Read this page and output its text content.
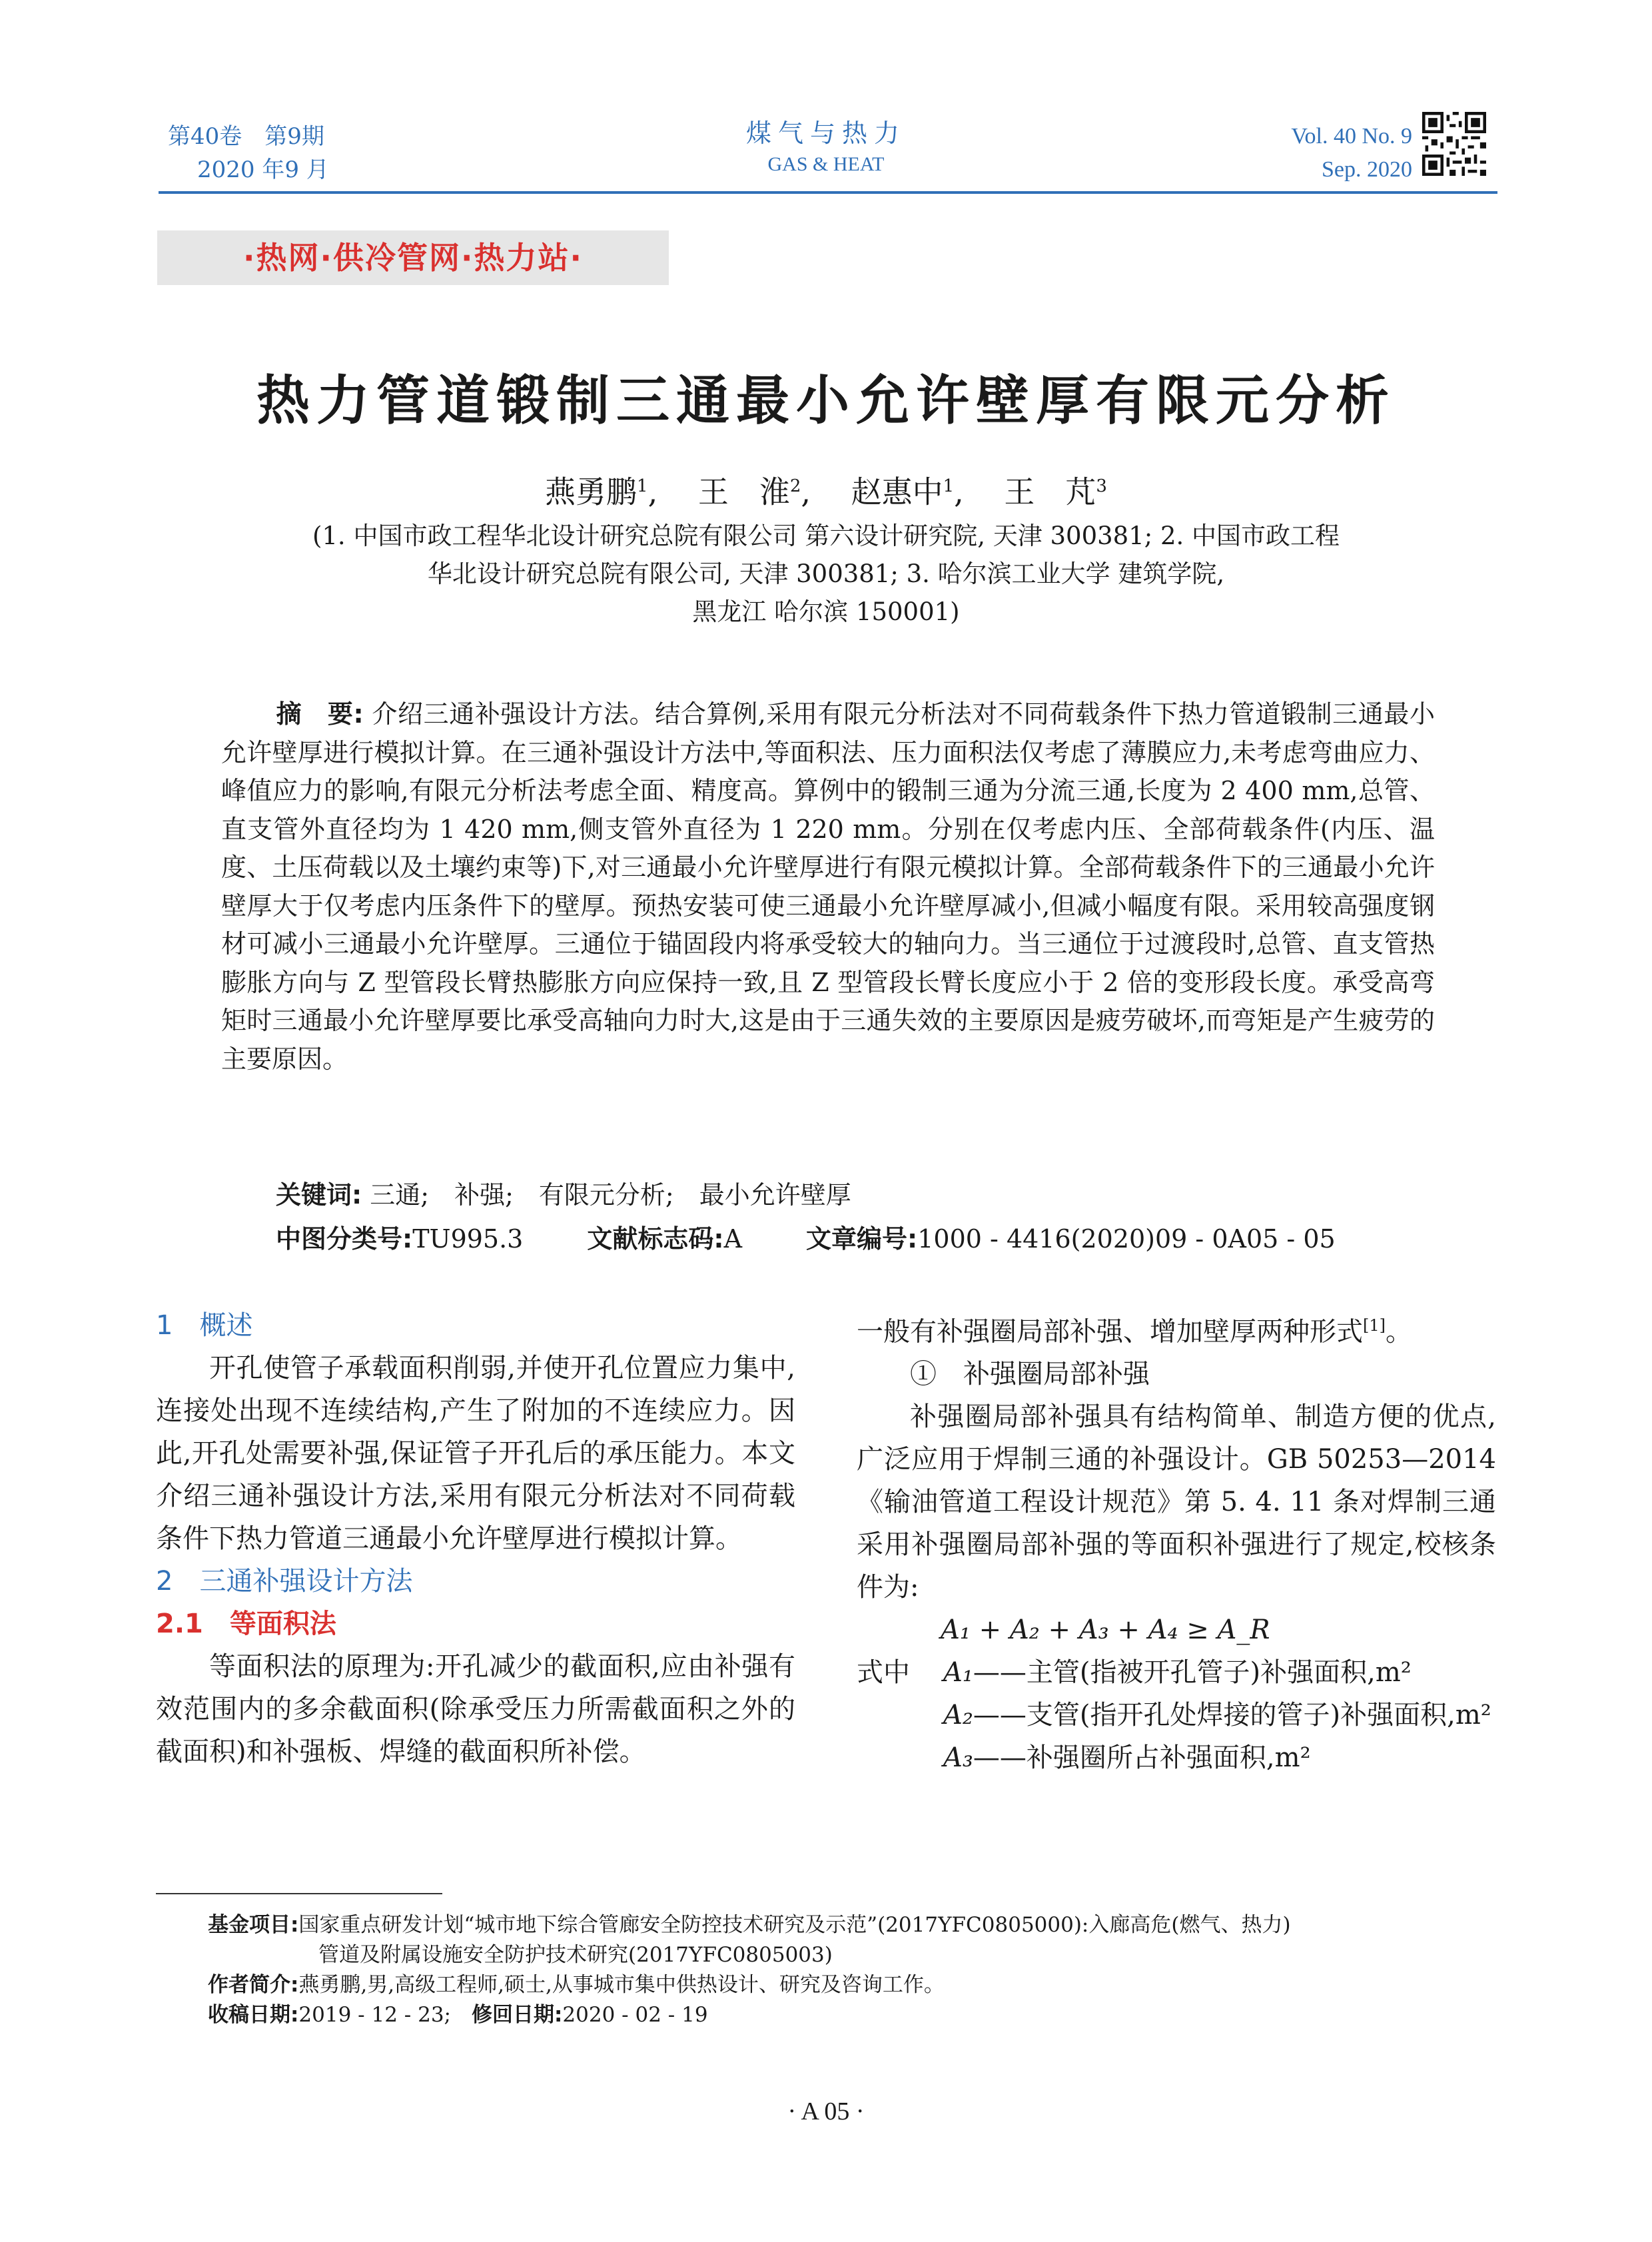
第40卷　第9期
2020 年9 月
煤气与热力
GAS & HEAT
Vol. 40 No. 9
Sep. 2020
·热网·供冷管网·热力站·
热力管道锻制三通最小允许壁厚有限元分析
燕勇鹏$^1$,　 王　淮$^2$,　 赵惠中$^1$,　 王　芃$^3$
(1. 中国市政工程华北设计研究总院有限公司 第六设计研究院, 天津 300381; 2. 中国市政工程
华北设计研究总院有限公司, 天津 300381; 3. 哈尔滨工业大学 建筑学院,
黑龙江 哈尔滨 150001)
摘　要: 介绍三通补强设计方法。结合算例,采用有限元分析法对不同荷载条件下热力管道锻制三通最小允许壁厚进行模拟计算。在三通补强设计方法中,等面积法、压力面积法仅考虑了薄膜应力,未考虑弯曲应力、峰值应力的影响,有限元分析法考虑全面、精度高。算例中的锻制三通为分流三通,长度为 2 400 mm,总管、直支管外直径均为 1 420 mm,侧支管外直径为 1 220 mm。分别在仅考虑内压、全部荷载条件(内压、温度、土压荷载以及土壤约束等)下,对三通最小允许壁厚进行有限元模拟计算。全部荷载条件下的三通最小允许壁厚大于仅考虑内压条件下的壁厚。预热安装可使三通最小允许壁厚减小,但减小幅度有限。采用较高强度钢材可减小三通最小允许壁厚。三通位于锚固段内将承受较大的轴向力。当三通位于过渡段时,总管、直支管热膨胀方向与 Z 型管段长臂热膨胀方向应保持一致,且 Z 型管段长臂长度应小于 2 倍的变形段长度。承受高弯矩时三通最小允许壁厚要比承受高轴向力时大,这是由于三通失效的主要原因是疲劳破坏,而弯矩是产生疲劳的主要原因。
关键词: 三通;　补强;　有限元分析;　最小允许壁厚
中图分类号:TU995.3	文献标志码:A	文章编号:1000 - 4416(2020)09 - 0A05 - 05
1　概述

开孔使管子承载面积削弱,并使开孔位置应力集中,连接处出现不连续结构,产生了附加的不连续应力。因此,开孔处需要补强,保证管子开孔后的承压能力。本文介绍三通补强设计方法,采用有限元分析法对不同荷载条件下热力管道三通最小允许壁厚进行模拟计算。

2　三通补强设计方法
2.1　等面积法

等面积法的原理为:开孔减少的截面积,应由补强有效范围内的多余截面积(除承受压力所需截面积之外的截面积)和补强板、焊缝的截面积所补偿。

一般有补强圈局部补强、增加壁厚两种形式[1]。
①　补强圈局部补强

补强圈局部补强具有结构简单、制造方便的优点,广泛应用于焊制三通的补强设计。GB 50253—2014《输油管道工程设计规范》第 5. 4. 11 条对焊制三通采用补强圈局部补强的等面积补强进行了规定,校核条件为:

A₁ + A₂ + A₃ + A₄ ≥ A_R
式中	A₁——主管(指被开孔管子)补强面积,m²
A₂——支管(指开孔处焊接的管子)补强面积,m²
A₃——补强圈所占补强面积,m²
基金项目:国家重点研发计划“城市地下综合管廊安全防控技术研究及示范”(2017YFC0805000):入廊高危(燃气、热力)
管道及附属设施安全防护技术研究(2017YFC0805003)
作者简介:燕勇鹏,男,高级工程师,硕士,从事城市集中供热设计、研究及咨询工作。
收稿日期:2019 - 12 - 23;　 修回日期:2020 - 02 - 19
· A 05 ·
